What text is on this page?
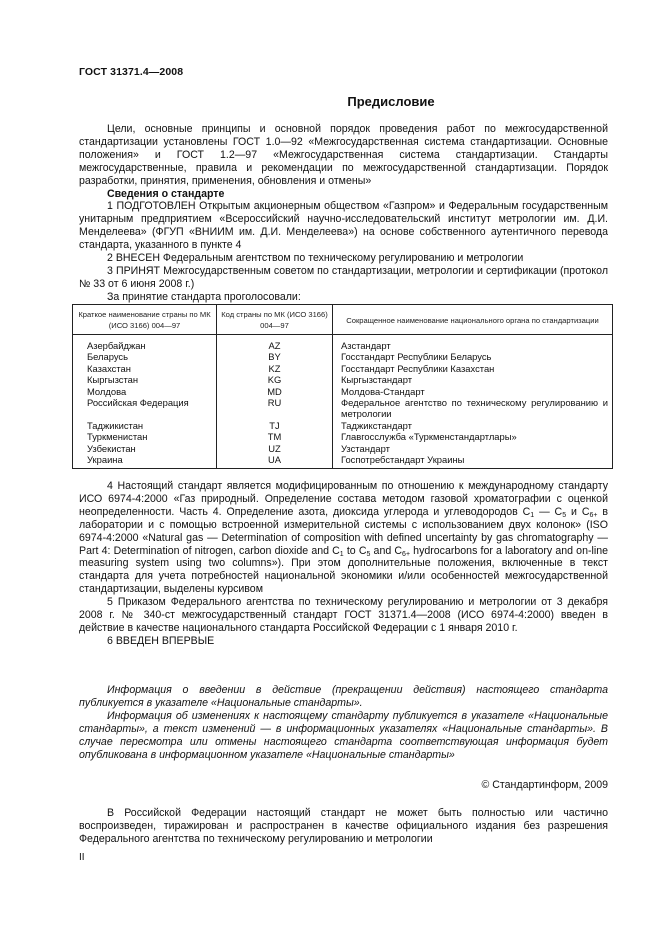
ГОСТ 31371.4—2008
Предисловие

Цели, основные принципы и основной порядок проведения работ по межгосударственной стандартизации установлены ГОСТ 1.0—92 «Межгосударственная система стандартизации. Основные положения» и ГОСТ 1.2—97 «Межгосударственная система стандартизации. Стандарты межгосударственные, правила и рекомендации по межгосударственной стандартизации. Порядок разработки, принятия, применения, обновления и отмены»

Сведения о стандарте

1 ПОДГОТОВЛЕН Открытым акционерным обществом «Газпром» и Федеральным государственным унитарным предприятием «Всероссийский научно-исследовательский институт метрологии им. Д.И. Менделеева» (ФГУП «ВНИИМ им. Д.И. Менделеева») на основе собственного аутентичного перевода стандарта, указанного в пункте 4

2 ВНЕСЕН Федеральным агентством по техническому регулированию и метрологии

3 ПРИНЯТ Межгосударственным советом по стандартизации, метрологии и сертификации (протокол № 33 от 6 июня 2008 г.)

За принятие стандарта проголосовали:

Краткое наименование страны по МК (ИСО 3166) 004—97	Код страны по МК (ИСО 3166) 004—97	Сокращенное наименование национального органа по стандартизации
Азербайджан	AZ	Азстандарт
Беларусь	BY	Госстандарт Республики Беларусь
Казахстан	KZ	Госстандарт Республики Казахстан
Кыргызстан	KG	Кыргызстандарт
Молдова	MD	Молдова-Стандарт
Российская Федерация	RU	Федеральное агентство по техническому регулированию и метрологии
Таджикистан	TJ	Таджикстандарт
Туркменистан	TM	Главгосслужба «Туркменстандартлары»
Узбекистан	UZ	Узстандарт
Украина	UA	Госпотребстандарт Украины

4 Настоящий стандарт является модифицированным по отношению к международному стандарту ИСО 6974-4:2000 «Газ природный. Определение состава методом газовой хроматографии с оценкой неопределенности. Часть 4. Определение азота, диоксида углерода и углеводородов $С_1$ — $С_5$ и $С_{6+}$ в лаборатории и с помощью встроенной измерительной системы с использованием двух колонок» (ISO 6974-4:2000 «Natural gas — Determination of composition with defined uncertainty by gas chromatography — Part 4: Determination of nitrogen, carbon dioxide and $C_1$ to $C_5$ and $C_{6+}$ hydrocarbons for a laboratory and on-line measuring system using two columns»). При этом дополнительные положения, включенные в текст стандарта для учета потребностей национальной экономики и/или особенностей межгосударственной стандартизации, выделены курсивом

5 Приказом Федерального агентства по техническому регулированию и метрологии от 3 декабря 2008 г. № 340-ст межгосударственный стандарт ГОСТ 31371.4—2008 (ИСО 6974-4:2000) введен в действие в качестве национального стандарта Российской Федерации с 1 января 2010 г.

6 ВВЕДЕН ВПЕРВЫЕ

Информация о введении в действие (прекращении действия) настоящего стандарта публикуется в указателе «Национальные стандарты».

Информация об изменениях к настоящему стандарту публикуется в указателе «Национальные стандарты», а текст изменений — в информационных указателях «Национальные стандарты». В случае пересмотра или отмены настоящего стандарта соответствующая информация будет опубликована в информационном указателе «Национальные стандарты»

© Стандартинформ, 2009

В Российской Федерации настоящий стандарт не может быть полностью или частично воспроизведен, тиражирован и распространен в качестве официального издания без разрешения Федерального агентства по техническому регулированию и метрологии

II
